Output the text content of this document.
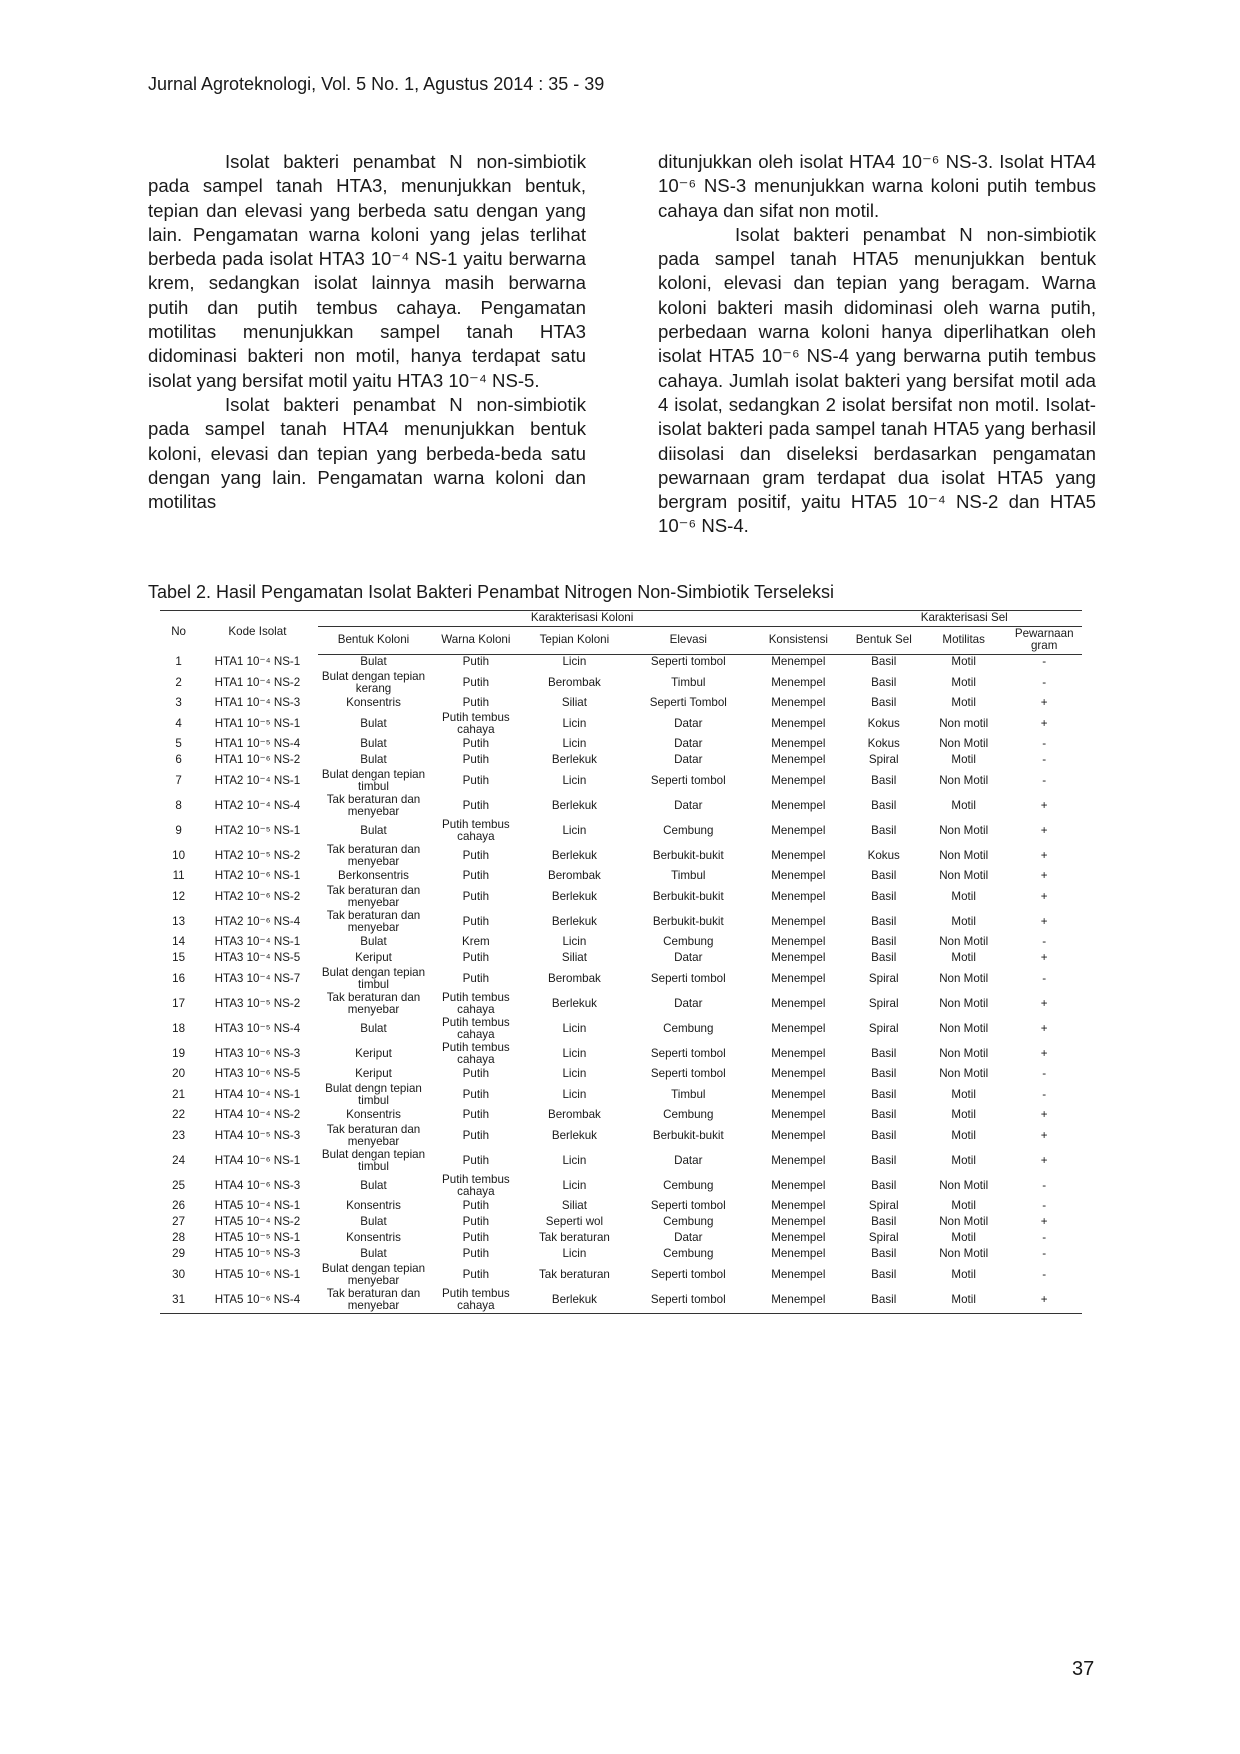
Jurnal Agroteknologi, Vol. 5 No. 1, Agustus 2014 : 35 - 39

Isolat bakteri penambat N non-simbiotik pada sampel tanah HTA3, menunjukkan bentuk, tepian dan elevasi yang berbeda satu dengan yang lain. Pengamatan warna koloni yang jelas terlihat berbeda pada isolat HTA3 10⁻⁴ NS-1 yaitu berwarna krem, sedangkan isolat lainnya masih berwarna putih dan putih tembus cahaya. Pengamatan motilitas menunjukkan sampel tanah HTA3 didominasi bakteri non motil, hanya terdapat satu isolat yang bersifat motil yaitu HTA3 10⁻⁴ NS-5.

Isolat bakteri penambat N non-simbiotik pada sampel tanah HTA4 menunjukkan bentuk koloni, elevasi dan tepian yang berbeda-beda satu dengan yang lain. Pengamatan warna koloni dan motilitas

ditunjukkan oleh isolat HTA4 10⁻⁶ NS-3. Isolat HTA4 10⁻⁶ NS-3 menunjukkan warna koloni putih tembus cahaya dan sifat non motil.

Isolat bakteri penambat N non-simbiotik pada sampel tanah HTA5 menunjukkan bentuk koloni, elevasi dan tepian yang beragam. Warna koloni bakteri masih didominasi oleh warna putih, perbedaan warna koloni hanya diperlihatkan oleh isolat HTA5 10⁻⁶ NS-4 yang berwarna putih tembus cahaya. Jumlah isolat bakteri yang bersifat motil ada 4 isolat, sedangkan 2 isolat bersifat non motil. Isolat-isolat bakteri pada sampel tanah HTA5 yang berhasil diisolasi dan diseleksi berdasarkan pengamatan pewarnaan gram terdapat dua isolat HTA5 yang bergram positif, yaitu HTA5 10⁻⁴ NS-2 dan HTA5 10⁻⁶ NS-4.

Tabel 2. Hasil Pengamatan Isolat Bakteri Penambat Nitrogen Non-Simbiotik Terseleksi
No	Kode Isolat	Karakterisasi Koloni					Karakterisasi Sel		
		Bentuk Koloni	Warna Koloni	Tepian Koloni	Elevasi	Konsistensi	Bentuk Sel	Motilitas	Pewarnaan gram
1	HTA1 10⁻⁴ NS-1	Bulat	Putih	Licin	Seperti tombol	Menempel	Basil	Motil	-
2	HTA1 10⁻⁴ NS-2	Bulat dengan tepian kerang	Putih	Berombak	Timbul	Menempel	Basil	Motil	-
3	HTA1 10⁻⁴ NS-3	Konsentris	Putih	Siliat	Seperti Tombol	Menempel	Basil	Motil	+
4	HTA1 10⁻⁵ NS-1	Bulat	Putih tembus cahaya	Licin	Datar	Menempel	Kokus	Non motil	+
5	HTA1 10⁻⁵ NS-4	Bulat	Putih	Licin	Datar	Menempel	Kokus	Non Motil	-
6	HTA1 10⁻⁶ NS-2	Bulat	Putih	Berlekuk	Datar	Menempel	Spiral	Motil	-
7	HTA2 10⁻⁴ NS-1	Bulat dengan tepian timbul	Putih	Licin	Seperti tombol	Menempel	Basil	Non Motil	-
8	HTA2 10⁻⁴ NS-4	Tak beraturan dan menyebar	Putih	Berlekuk	Datar	Menempel	Basil	Motil	+
9	HTA2 10⁻⁵ NS-1	Bulat	Putih tembus cahaya	Licin	Cembung	Menempel	Basil	Non Motil	+
10	HTA2 10⁻⁵ NS-2	Tak beraturan dan menyebar	Putih	Berlekuk	Berbukit-bukit	Menempel	Kokus	Non Motil	+
11	HTA2 10⁻⁶ NS-1	Berkonsentris	Putih	Berombak	Timbul	Menempel	Basil	Non Motil	+
12	HTA2 10⁻⁶ NS-2	Tak beraturan dan menyebar	Putih	Berlekuk	Berbukit-bukit	Menempel	Basil	Motil	+
13	HTA2 10⁻⁶ NS-4	Tak beraturan dan menyebar	Putih	Berlekuk	Berbukit-bukit	Menempel	Basil	Motil	+
14	HTA3 10⁻⁴ NS-1	Bulat	Krem	Licin	Cembung	Menempel	Basil	Non Motil	-
15	HTA3 10⁻⁴ NS-5	Keriput	Putih	Siliat	Datar	Menempel	Basil	Motil	+
16	HTA3 10⁻⁴ NS-7	Bulat dengan tepian timbul	Putih	Berombak	Seperti tombol	Menempel	Spiral	Non Motil	-
17	HTA3 10⁻⁵ NS-2	Tak beraturan dan menyebar	Putih tembus cahaya	Berlekuk	Datar	Menempel	Spiral	Non Motil	+
18	HTA3 10⁻⁵ NS-4	Bulat	Putih tembus cahaya	Licin	Cembung	Menempel	Spiral	Non Motil	+
19	HTA3 10⁻⁶ NS-3	Keriput	Putih tembus cahaya	Licin	Seperti tombol	Menempel	Basil	Non Motil	+
20	HTA3 10⁻⁶ NS-5	Keriput	Putih	Licin	Seperti tombol	Menempel	Basil	Non Motil	-
21	HTA4 10⁻⁴ NS-1	Bulat dengn tepian timbul	Putih	Licin	Timbul	Menempel	Basil	Motil	-
22	HTA4 10⁻⁴ NS-2	Konsentris	Putih	Berombak	Cembung	Menempel	Basil	Motil	+
23	HTA4 10⁻⁵ NS-3	Tak beraturan dan menyebar	Putih	Berlekuk	Berbukit-bukit	Menempel	Basil	Motil	+
24	HTA4 10⁻⁶ NS-1	Bulat dengan tepian timbul	Putih	Licin	Datar	Menempel	Basil	Motil	+
25	HTA4 10⁻⁶ NS-3	Bulat	Putih tembus cahaya	Licin	Cembung	Menempel	Basil	Non Motil	-
26	HTA5 10⁻⁴ NS-1	Konsentris	Putih	Siliat	Seperti tombol	Menempel	Spiral	Motil	-
27	HTA5 10⁻⁴ NS-2	Bulat	Putih	Seperti wol	Cembung	Menempel	Basil	Non Motil	+
28	HTA5 10⁻⁵ NS-1	Konsentris	Putih	Tak beraturan	Datar	Menempel	Spiral	Motil	-
29	HTA5 10⁻⁵ NS-3	Bulat	Putih	Licin	Cembung	Menempel	Basil	Non Motil	-
30	HTA5 10⁻⁶ NS-1	Bulat dengan tepian menyebar	Putih	Tak beraturan	Seperti tombol	Menempel	Basil	Motil	-
31	HTA5 10⁻⁶ NS-4	Tak beraturan dan menyebar	Putih tembus cahaya	Berlekuk	Seperti tombol	Menempel	Basil	Motil	+
37
